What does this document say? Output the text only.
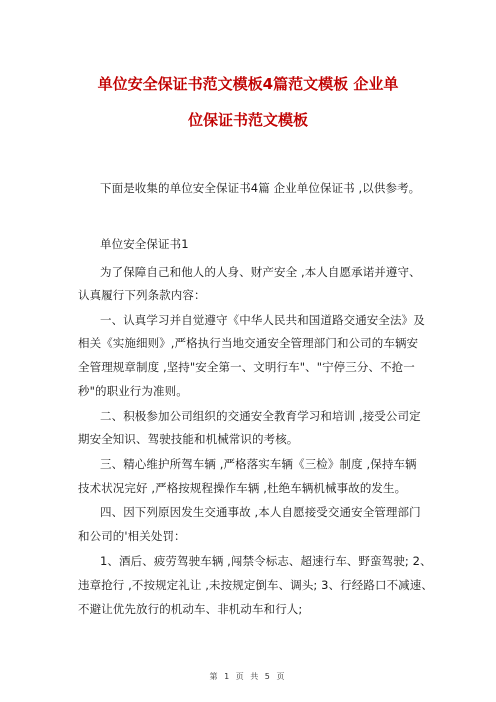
单位安全保证书范文模板4篇范文模板 企业单
位保证书范文模板
下面是收集的单位安全保证书4篇 企业单位保证书 ,以供参考。
单位安全保证书1
为了保障自己和他人的人身、财产安全 ,本人自愿承诺并遵守、
认真履行下列条款内容：
一、认真学习并自觉遵守《中华人民共和国道路交通安全法》及
相关《实施细则》,严格执行当地交通安全管理部门和公司的车辆安
全管理规章制度 ,坚持"安全第一、文明行车"、"宁停三分、不抢一
秒"的职业行为准则。
二、积极参加公司组织的交通安全教育学习和培训 ,接受公司定
期安全知识、驾驶技能和机械常识的考核。
三、精心维护所驾车辆 ,严格落实车辆《三检》制度 ,保持车辆
技术状况完好 ,严格按规程操作车辆 ,杜绝车辆机械事故的发生。
四、因下列原因发生交通事故 ,本人自愿接受交通安全管理部门
和公司的'相关处罚：
1、酒后、疲劳驾驶车辆 ,闯禁令标志、超速行车、野蛮驾驶; 2、
违章抢行 ,不按规定礼让 ,未按规定倒车、调头; 3、行经路口不减速、
不避让优先放行的机动车、非机动车和行人;
第 1 页 共 5 页
